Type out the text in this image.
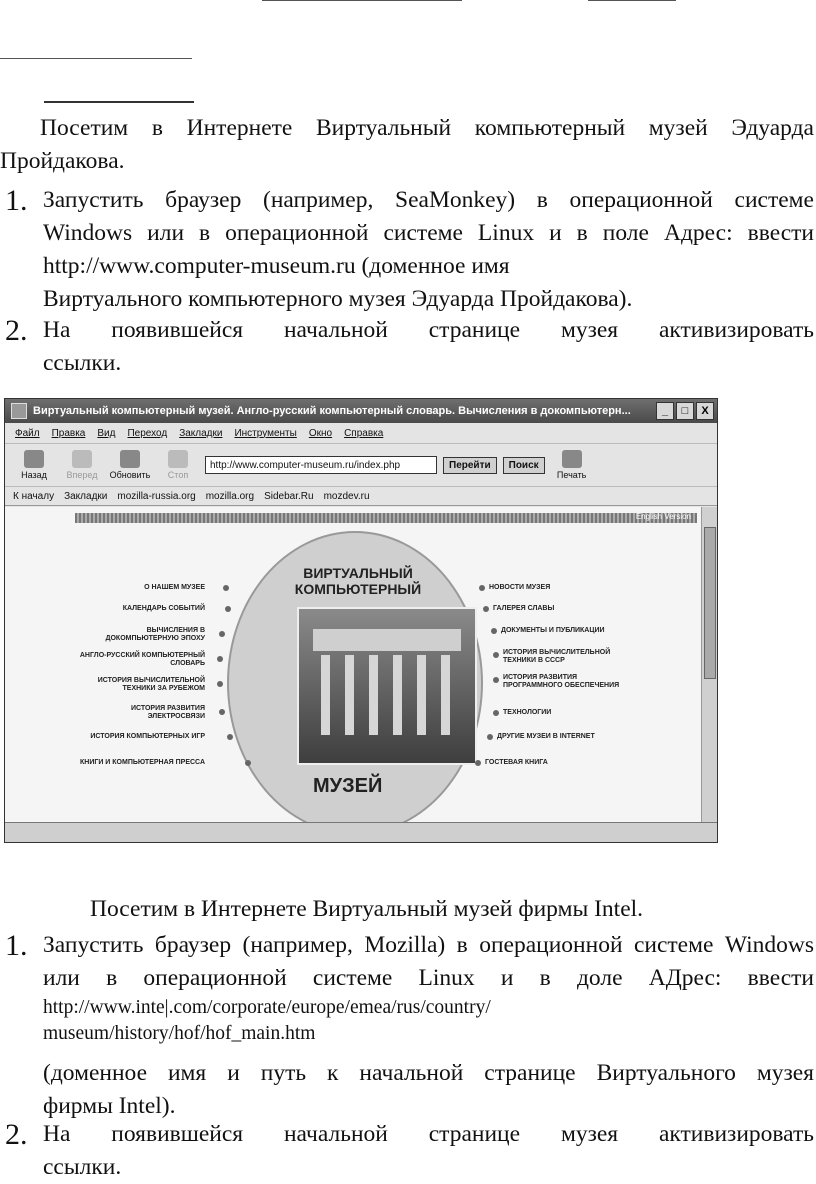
Посетим в Интернете Виртуальный компьютерный музей Эдуарда Пройдакова.
1. Запустить браузер (например, SeaMonkey) в операционной системе Windows или в операционной системе Linux и в поле Адрес: ввести http://www.computer-museum.ru (доменное имя
Виртуального компьютерного музея Эдуарда Пройдакова).
2. На появившейся начальной странице музея активизировать
ссылки.
Виртуальный компьютерный музей. Англо-русский компьютерный словарь. Вычисления в докомпьютерн...	_	□	X
Файл Правка Вид Переход Закладки Инструменты Окно Справка
Назад Вперед Обновить Стоп
http://www.computer-museum.ru/index.php	Перейти	Поиск
Печать
К началу Закладки mozilla-russia.org mozilla.org Sidebar.Ru mozdev.ru
English Version
ВИРТУАЛЬНЫЙ КОМПЬЮТЕРНЫЙ
МУЗЕЙ
О НАШЕМ МУЗЕЕ
КАЛЕНДАРЬ СОБЫТИЙ
ВЫЧИСЛЕНИЯ В ДОКОМПЬЮТЕРНУЮ ЭПОХУ
АНГЛО-РУССКИЙ КОМПЬЮТЕРНЫЙ СЛОВАРЬ
ИСТОРИЯ ВЫЧИСЛИТЕЛЬНОЙ ТЕХНИКИ ЗА РУБЕЖОМ
ИСТОРИЯ РАЗВИТИЯ ЭЛЕКТРОСВЯЗИ
ИСТОРИЯ КОМПЬЮТЕРНЫХ ИГР
КНИГИ И КОМПЬЮТЕРНАЯ ПРЕССА
НОВОСТИ МУЗЕЯ
ГАЛЕРЕЯ СЛАВЫ
ДОКУМЕНТЫ И ПУБЛИКАЦИИ
ИСТОРИЯ ВЫЧИСЛИТЕЛЬНОЙ ТЕХНИКИ В СССР
ИСТОРИЯ РАЗВИТИЯ ПРОГРАММНОГО ОБЕСПЕЧЕНИЯ
ТЕХНОЛОГИИ
ДРУГИЕ МУЗЕИ В INTERNET
ГОСТЕВАЯ КНИГА
Посетим в Интернете Виртуальный музей фирмы Intel.
1. Запустить браузер (например, Mozilla) в операционной системе Windows или в операционной системе Linux и в доле АДрес: ввести
http://www.inte|.com/corporate/europe/emea/rus/country/
museum/history/hof/hof_main.htm
(доменное имя и путь к начальной странице Виртуального музея
фирмы Intel).
2. На появившейся начальной странице музея активизировать
ссылки.
